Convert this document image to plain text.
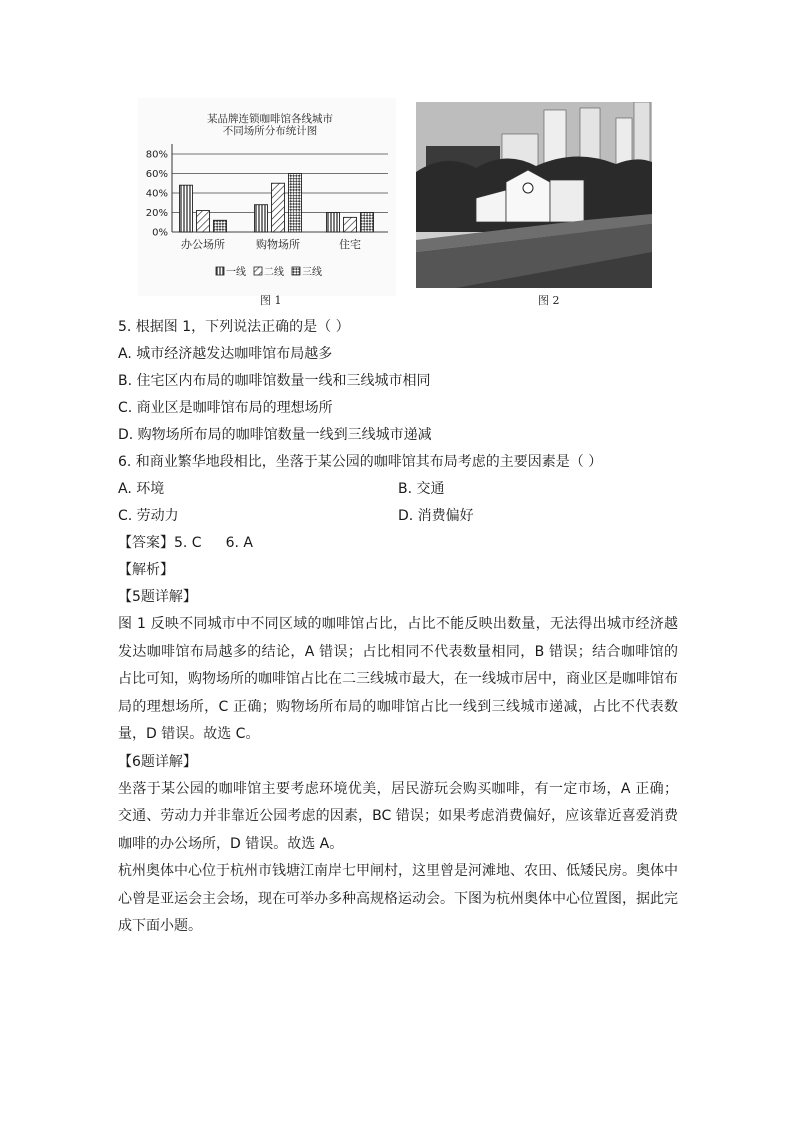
某品牌连锁咖啡馆各线城市
不同场所分布统计图
0%
20%
40%
60%
80%
办公场所	购物场所	住宅
一线 二线 三线
图 1	图 2
5. 根据图 1，下列说法正确的是（ ）
A. 城市经济越发达咖啡馆布局越多
B. 住宅区内布局的咖啡馆数量一线和三线城市相同
C. 商业区是咖啡馆布局的理想场所
D. 购物场所布局的咖啡馆数量一线到三线城市递减
6. 和商业繁华地段相比，坐落于某公园的咖啡馆其布局考虑的主要因素是（ ）
A. 环境	B. 交通
C. 劳动力	D. 消费偏好
【答案】5. C 6. A
【解析】
【5题详解】
图 1 反映不同城市中不同区域的咖啡馆占比，占比不能反映出数量，无法得出城市经济越发达咖啡馆布局越多的结论，A 错误；占比相同不代表数量相同，B 错误；结合咖啡馆的占比可知，购物场所的咖啡馆占比在二三线城市最大，在一线城市居中，商业区是咖啡馆布局的理想场所，C 正确；购物场所布局的咖啡馆占比一线到三线城市递减，占比不代表数量，D 错误。故选 C。
【6题详解】
坐落于某公园的咖啡馆主要考虑环境优美，居民游玩会购买咖啡，有一定市场，A 正确；交通、劳动力并非靠近公园考虑的因素，BC 错误；如果考虑消费偏好，应该靠近喜爱消费咖啡的办公场所，D 错误。故选 A。
杭州奥体中心位于杭州市钱塘江南岸七甲闸村，这里曾是河滩地、农田、低矮民房。奥体中心曾是亚运会主会场，现在可举办多种高规格运动会。下图为杭州奥体中心位置图，据此完成下面小题。
